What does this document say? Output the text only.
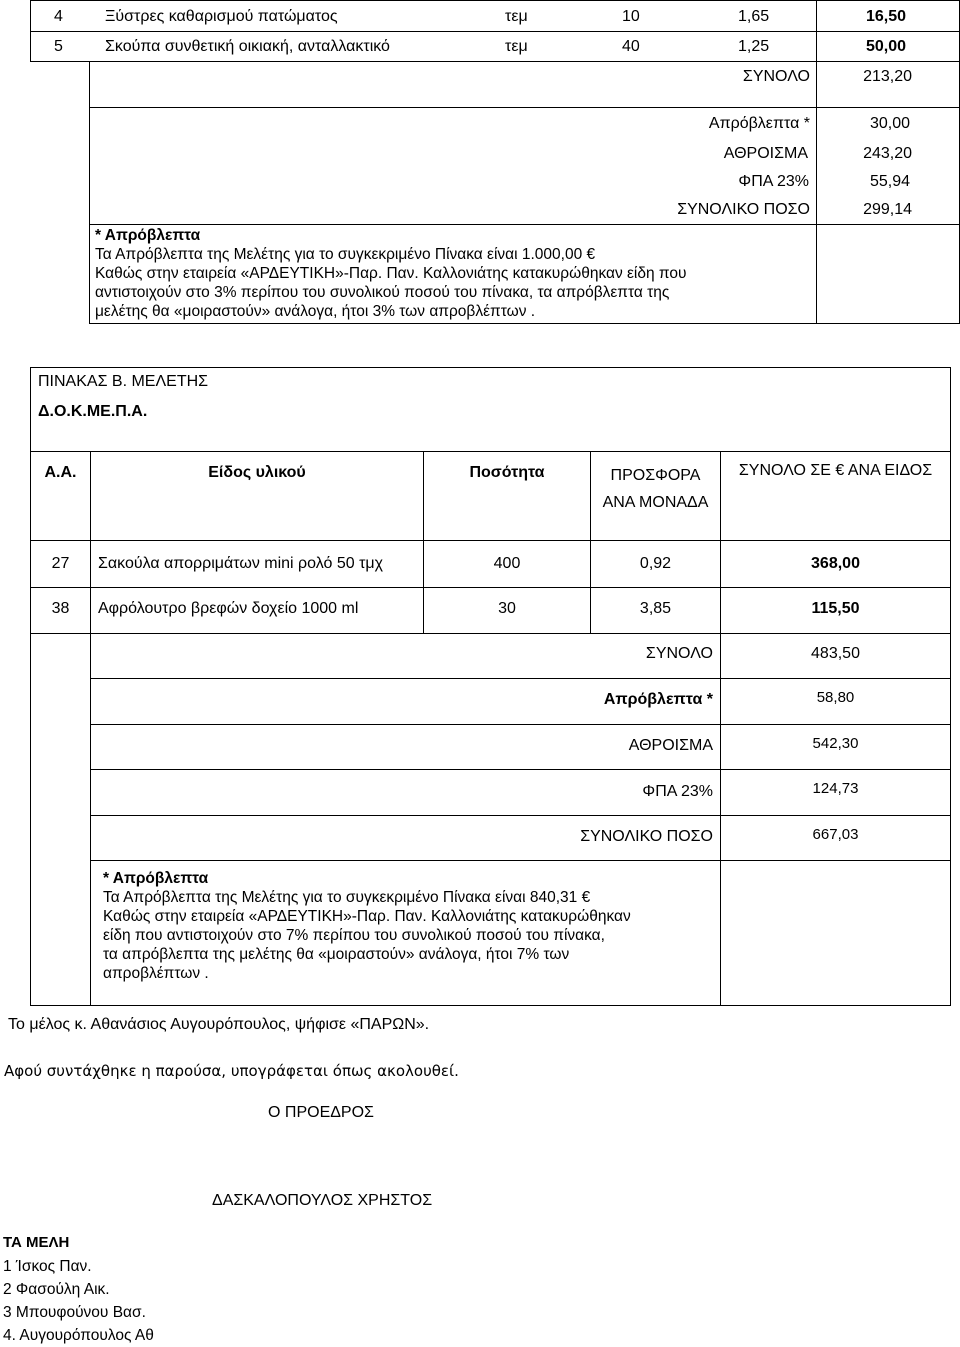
4	Ξύστρες καθαρισμού πατώματος	τεμ	10	1,65	16,50
5	Σκούπα συνθετική οικιακή, ανταλλακτικό	τεμ	40	1,25	50,00
ΣΥΝΟΛΟ	213,20
Απρόβλεπτα *	30,00
ΑΘΡΟΙΣΜΑ	243,20
ΦΠΑ 23%	55,94
ΣΥΝΟΛΙΚΟ ΠΟΣΟ	299,14
* Απρόβλεπτα
Τα Απρόβλεπτα της Μελέτης για το συγκεκριμένο Πίνακα είναι 1.000,00 €
Καθώς στην εταιρεία «ΑΡΔΕΥΤΙΚΗ»-Παρ. Παν. Καλλονιάτης κατακυρώθηκαν είδη που
αντιστοιχούν στο 3% περίπου του συνολικού ποσού του πίνακα, τα απρόβλεπτα της
μελέτης θα «μοιραστούν» ανάλογα, ήτοι 3% των απροβλέπτων .
ΠΙΝΑΚΑΣ Β. ΜΕΛΕΤΗΣ
Δ.Ο.Κ.ΜΕ.Π.Α.
Α.Α.	Είδος υλικού	Ποσότητα	ΠΡΟΣΦΟΡΑ
ΑΝΑ ΜΟΝΑΔΑ
ΣΥΝΟΛΟ ΣΕ € ΑΝΑ ΕΙΔΟΣ
27	Σακούλα απορριμάτων mini ρολό 50 τμχ	400	0,92	368,00
38	Αφρόλουτρο βρεφών δοχείο 1000 ml	30	3,85	115,50
ΣΥΝΟΛΟ	483,50
Απρόβλεπτα *	58,80
ΑΘΡΟΙΣΜΑ	542,30
ΦΠΑ 23%	124,73
ΣΥΝΟΛΙΚΟ ΠΟΣΟ	667,03
* Απρόβλεπτα
Τα Απρόβλεπτα της Μελέτης για το συγκεκριμένο Πίνακα είναι 840,31 €
Καθώς στην εταιρεία «ΑΡΔΕΥΤΙΚΗ»-Παρ. Παν. Καλλονιάτης κατακυρώθηκαν
είδη που αντιστοιχούν στο 7% περίπου του συνολικού ποσού του πίνακα,
τα απρόβλεπτα της μελέτης θα «μοιραστούν» ανάλογα, ήτοι 7% των
απροβλέπτων .
Το μέλος κ. Αθανάσιος Αυγουρόπουλος, ψήφισε «ΠΑΡΩΝ».
Αφού συντάχθηκε η παρούσα, υπογράφεται όπως ακολουθεί.
Ο ΠΡΟΕΔΡΟΣ
ΔΑΣΚΑΛΟΠΟΥΛΟΣ ΧΡΗΣΤΟΣ
ΤΑ ΜΕΛΗ
1 Ίσκος Παν.
2 Φασούλη Αικ.
3 Μπουφούνου Βασ.
4. Αυγουρόπουλος Αθ
